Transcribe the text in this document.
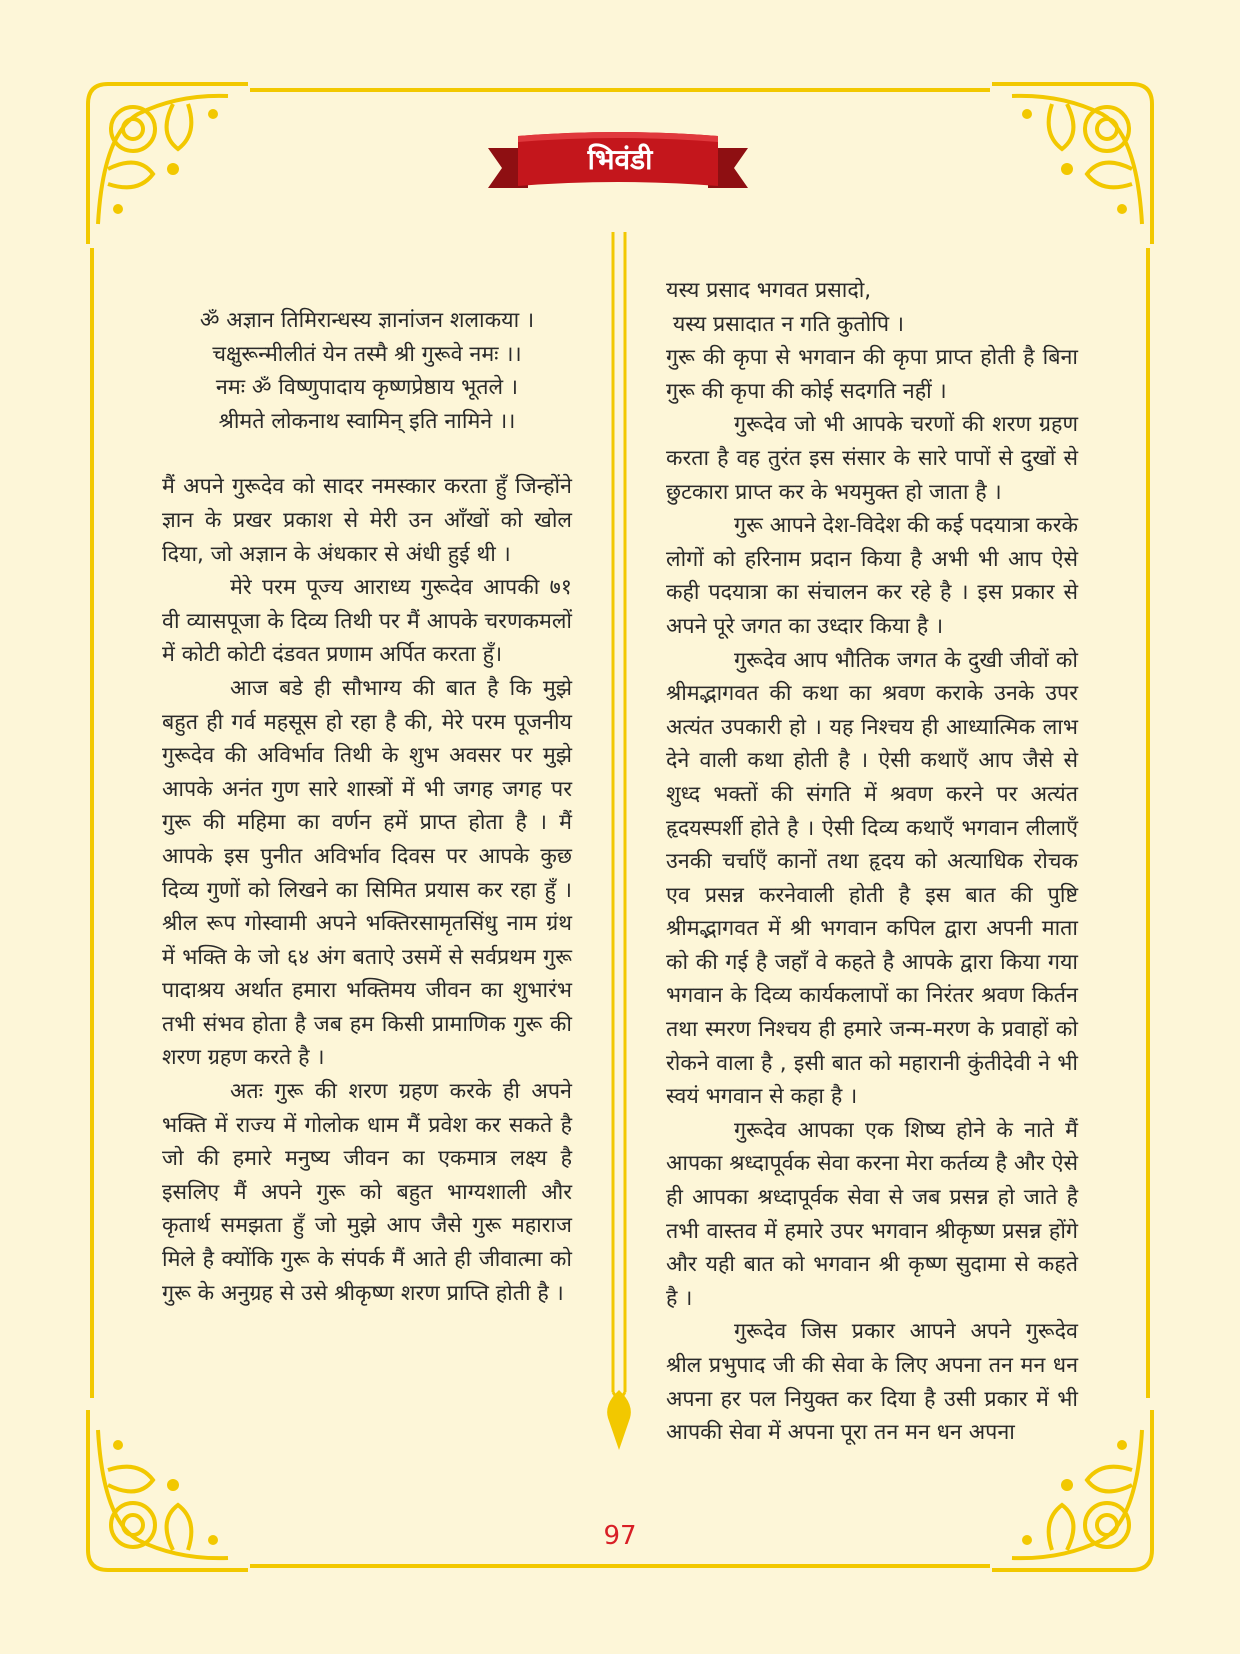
भिवंडी

ॐ अज्ञान तिमिरान्धस्य ज्ञानांजन शलाकया ।

चक्षुरून्मीलीतं येन तस्मै श्री गुरूवे नमः ।।

नमः ॐ विष्णुपादाय कृष्णप्रेष्ठाय भूतले ।

श्रीमते लोकनाथ स्वामिन् इति नामिने ।।

मैं अपने गुरूदेव को सादर नमस्कार करता हुँ जिन्होंने ज्ञान के प्रखर प्रकाश से मेरी उन आँखों को खोल दिया, जो अज्ञान के अंधकार से अंधी हुई थी ।

मेरे परम पूज्य आराध्य गुरूदेव आपकी ७१ वी व्यासपूजा के दिव्य तिथी पर मैं आपके चरणकमलों में कोटी कोटी दंडवत प्रणाम अर्पित करता हुँ।

आज बडे ही सौभाग्य की बात है कि मुझे बहुत ही गर्व महसूस हो रहा है की, मेरे परम पूजनीय गुरूदेव की अविर्भाव तिथी के शुभ अवसर पर मुझे आपके अनंत गुण सारे शास्त्रों में भी जगह जगह पर गुरू की महिमा का वर्णन हमें प्राप्त होता है । मैं आपके इस पुनीत अविर्भाव दिवस पर आपके कुछ दिव्य गुणों को लिखने का सिमित प्रयास कर रहा हुँ । श्रील रूप गोस्वामी अपने भक्तिरसामृतसिंधु नाम ग्रंथ में भक्ति के जो ६४ अंग बताऐ उसमें से सर्वप्रथम गुरू पादाश्रय अर्थात हमारा भक्तिमय जीवन का शुभारंभ तभी संभव होता है जब हम किसी प्रामाणिक गुरू की शरण ग्रहण करते है ।

अतः गुरू की शरण ग्रहण करके ही अपने भक्ति में राज्य में गोलोक धाम मैं प्रवेश कर सकते है जो की हमारे मनुष्य जीवन का एकमात्र लक्ष्य है इसलिए मैं अपने गुरू को बहुत भाग्यशाली और कृतार्थ समझता हुँ जो मुझे आप जैसे गुरू महाराज मिले है क्योंकि गुरू के संपर्क मैं आते ही जीवात्मा को गुरू के अनुग्रह से उसे श्रीकृष्ण शरण प्राप्ति होती है ।

यस्य प्रसाद भगवत प्रसादो,

यस्य प्रसादात न गति कुतोपि ।

गुरू की कृपा से भगवान की कृपा प्राप्त होती है बिना गुरू की कृपा की कोई सदगति नहीं ।

गुरूदेव जो भी आपके चरणों की शरण ग्रहण करता है वह तुरंत इस संसार के सारे पापों से दुखों से छुटकारा प्राप्त कर के भयमुक्त हो जाता है ।

गुरू आपने देश-विदेश की कई पदयात्रा करके लोगों को हरिनाम प्रदान किया है अभी भी आप ऐसे कही पदयात्रा का संचालन कर रहे है । इस प्रकार से अपने पूरे जगत का उध्दार किया है ।

गुरूदेव आप भौतिक जगत के दुखी जीवों को श्रीमद्भागवत की कथा का श्रवण कराके उनके उपर अत्यंत उपकारी हो । यह निश्चय ही आध्यात्मिक लाभ देने वाली कथा होती है । ऐसी कथाएँ आप जैसे से शुध्द भक्तों की संगति में श्रवण करने पर अत्यंत हृदयस्पर्शी होते है । ऐसी दिव्य कथाएँ भगवान लीलाएँ उनकी चर्चाएँ कानों तथा हृदय को अत्याधिक रोचक एव प्रसन्न करनेवाली होती है इस बात की पुष्टि श्रीमद्भागवत में श्री भगवान कपिल द्वारा अपनी माता को की गई है जहाँ वे कहते है आपके द्वारा किया गया भगवान के दिव्य कार्यकलापों का निरंतर श्रवण किर्तन तथा स्मरण निश्चय ही हमारे जन्म-मरण के प्रवाहों को रोकने वाला है , इसी बात को महारानी कुंतीदेवी ने भी स्वयं भगवान से कहा है ।

गुरूदेव आपका एक शिष्य होने के नाते मैं आपका श्रध्दापूर्वक सेवा करना मेरा कर्तव्य है और ऐसे ही आपका श्रध्दापूर्वक सेवा से जब प्रसन्न हो जाते है तभी वास्तव में हमारे उपर भगवान श्रीकृष्ण प्रसन्न होंगे और यही बात को भगवान श्री कृष्ण सुदामा से कहते है ।

गुरूदेव जिस प्रकार आपने अपने गुरूदेव श्रील प्रभुपाद जी की सेवा के लिए अपना तन मन धन अपना हर पल नियुक्त कर दिया है उसी प्रकार में भी आपकी सेवा में अपना पूरा तन मन धन अपना

97
